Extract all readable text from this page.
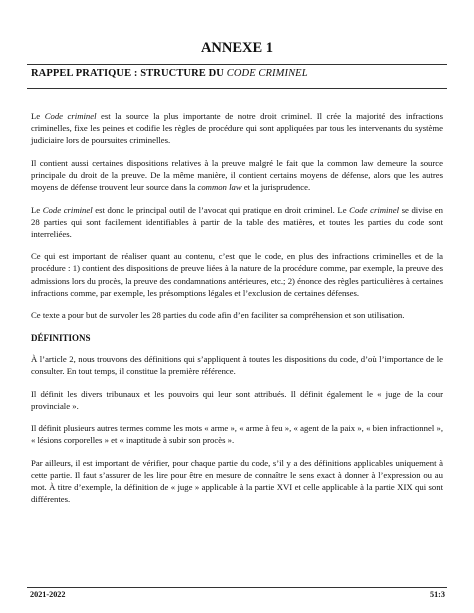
ANNEXE 1
RAPPEL PRATIQUE : STRUCTURE DU CODE CRIMINEL

Le Code criminel est la source la plus importante de notre droit criminel. Il crée la majorité des infractions criminelles, fixe les peines et codifie les règles de procédure qui sont appliquées par tous les intervenants du système judiciaire lors de poursuites criminelles.

Il contient aussi certaines dispositions relatives à la preuve malgré le fait que la common law demeure la source principale du droit de la preuve. De la même manière, il contient certains moyens de défense, alors que les autres moyens de défense trouvent leur source dans la common law et la jurisprudence.

Le Code criminel est donc le principal outil de l’avocat qui pratique en droit criminel. Le Code criminel se divise en 28 parties qui sont facilement identifiables à partir de la table des matières, et toutes les parties du code sont interreliées.

Ce qui est important de réaliser quant au contenu, c’est que le code, en plus des infractions criminelles et de la procédure : 1) contient des dispositions de preuve liées à la nature de la procédure comme, par exemple, la preuve des admissions lors du procès, la preuve des condamnations antérieures, etc.; 2) énonce des règles particulières à certaines infractions comme, par exemple, les présomptions légales et l’exclusion de certaines défenses.

Ce texte a pour but de survoler les 28 parties du code afin d’en faciliter sa compréhension et son utilisation.

DÉFINITIONS

À l’article 2, nous trouvons des définitions qui s’appliquent à toutes les dispositions du code, d’où l’importance de le consulter. En tout temps, il constitue la première référence.

Il définit les divers tribunaux et les pouvoirs qui leur sont attribués. Il définit également le « juge de la cour provinciale ».

Il définit plusieurs autres termes comme les mots « arme », « arme à feu », « agent de la paix », « bien infractionnel », « lésions corporelles » et « inaptitude à subir son procès ».

Par ailleurs, il est important de vérifier, pour chaque partie du code, s’il y a des définitions applicables uniquement à cette partie. Il faut s’assurer de les lire pour être en mesure de connaître le sens exact à donner à l’expression ou au mot. À titre d’exemple, la définition de « juge » applicable à la partie XVI et celle applicable à la partie XIX qui sont différentes.

2021-2022	51:3
